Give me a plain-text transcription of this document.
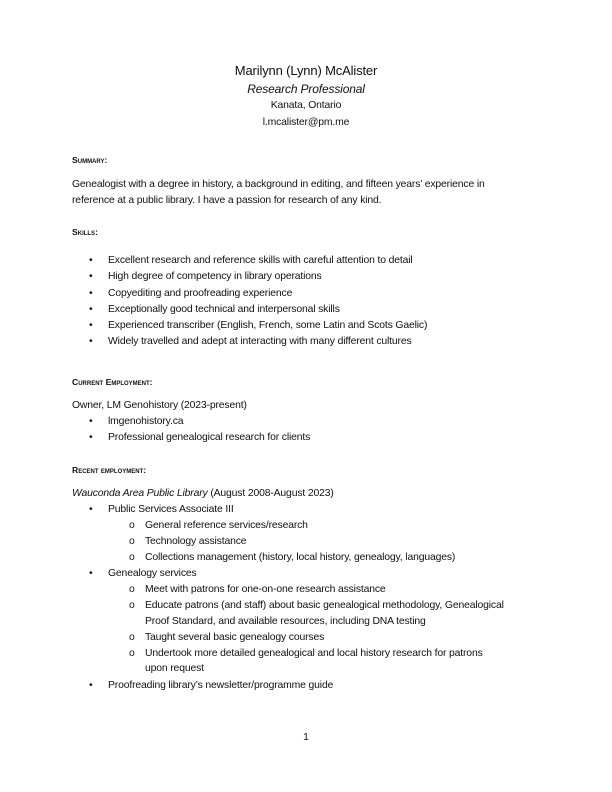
Marilynn (Lynn) McAlister
Research Professional
Kanata, Ontario
l.mcalister@pm.me
Summary:
Genealogist with a degree in history, a background in editing, and fifteen years’ experience in
reference at a public library. I have a passion for research of any kind.
Skills:
• Excellent research and reference skills with careful attention to detail
• High degree of competency in library operations
• Copyediting and proofreading experience
• Exceptionally good technical and interpersonal skills
• Experienced transcriber (English, French, some Latin and Scots Gaelic)
• Widely travelled and adept at interacting with many different cultures
Current Employment:
Owner, LM Genohistory (2023-present)
• lmgenohistory.ca
• Professional genealogical research for clients
Recent employment:
Wauconda Area Public Library (August 2008-August 2023)
• Public Services Associate III
o General reference services/research
o Technology assistance
o Collections management (history, local history, genealogy, languages)
• Genealogy services
o Meet with patrons for one-on-one research assistance
o Educate patrons (and staff) about basic genealogical methodology, Genealogical
Proof Standard, and available resources, including DNA testing
o Taught several basic genealogy courses
o Undertook more detailed genealogical and local history research for patrons
upon request
• Proofreading library’s newsletter/programme guide
1
